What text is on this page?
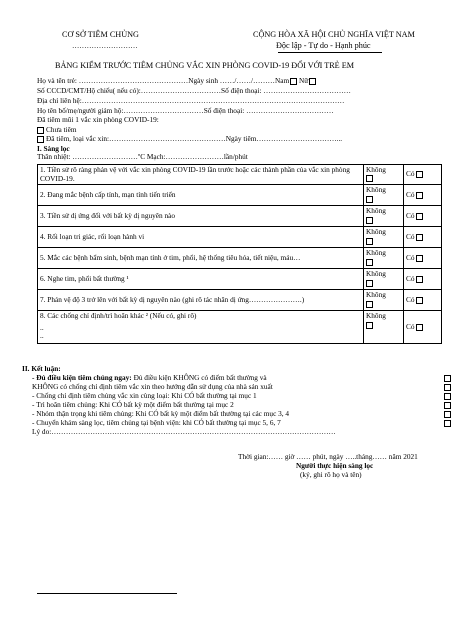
CƠ SỞ TIÊM CHỦNG
………………………
CỘNG HÒA XÃ HỘI CHỦ NGHĨA VIỆT NAM
Độc lập - Tự do - Hạnh phúc
BẢNG KIỂM TRƯỚC TIÊM CHỦNG VẮC XIN PHÒNG COVID-19 ĐỐI VỚI TRẺ EM
Họ và tên trẻ: ………………………………………Ngày sinh ……/……/………Nam Nữ
Số CCCD/CMT/Hộ chiếu( nếu có):……………………………Số điện thoại: ………………………………
Địa chỉ liên hệ:………………………………………………………………………………………………
Họ tên bố/mẹ/người giám hộ:……………………………Số điện thoại: ………………………………
Đã tiêm mũi 1 vắc xin phòng COVID-19:
Chưa tiêm
Đã tiêm, loại vắc xin:…………………………………………Ngày tiêm……………………………...
I. Sàng lọc
Thân nhiệt: ………………………ºC Mạch:……………………lần/phút
1. Tiền sử rõ ràng phản vệ với vắc xin phòng COVID-19 lần trước hoặc các thành phần của vắc xin phòng COVID-19.	Không	Có
2. Đang mắc bệnh cấp tính, mạn tính tiến triển	Không	Có
3. Tiền sử dị ứng đối với bất kỳ dị nguyên nào	Không	Có
4. Rối loạn tri giác, rối loạn hành vi	Không	Có
5. Mắc các bệnh bẩm sinh, bệnh mạn tính ở tim, phổi, hệ thống tiêu hóa, tiết niệu, máu…	Không	Có
6. Nghe tim, phổi bất thường ¹	Không	Có
7. Phản vệ độ 3 trở lên với bất kỳ dị nguyên nào (ghi rõ tác nhân dị ứng………………….)	Không	Có

8. Các chống chỉ định/trì hoãn khác ² (Nếu có, ghi rõ)
..
..	Không	Có
II. Kết luận:
- Đủ điều kiện tiêm chủng ngay: Đủ điều kiện KHÔNG có điểm bất thường và
KHÔNG có chống chỉ định tiêm vắc xin theo hướng dẫn sử dụng của nhà sản xuất
- Chống chỉ định tiêm chủng vắc xin cùng loại: Khi CÓ bất thường tại mục 1
- Trì hoãn tiêm chủng: Khi CÓ bất kỳ một điểm bất thường tại mục 2
- Nhóm thận trọng khi tiêm chủng: Khi CÓ bất kỳ một điểm bất thường tại các mục 3, 4
- Chuyển khám sàng lọc, tiêm chủng tại bệnh viện: khi CÓ bất thường tại mục 5, 6, 7
Lý do:………………………………………………………………………………………………………
Thời gian:…… giờ …… phút, ngày …..tháng…… năm 2021
Người thực hiện sàng lọc
(ký, ghi rõ họ và tên)
